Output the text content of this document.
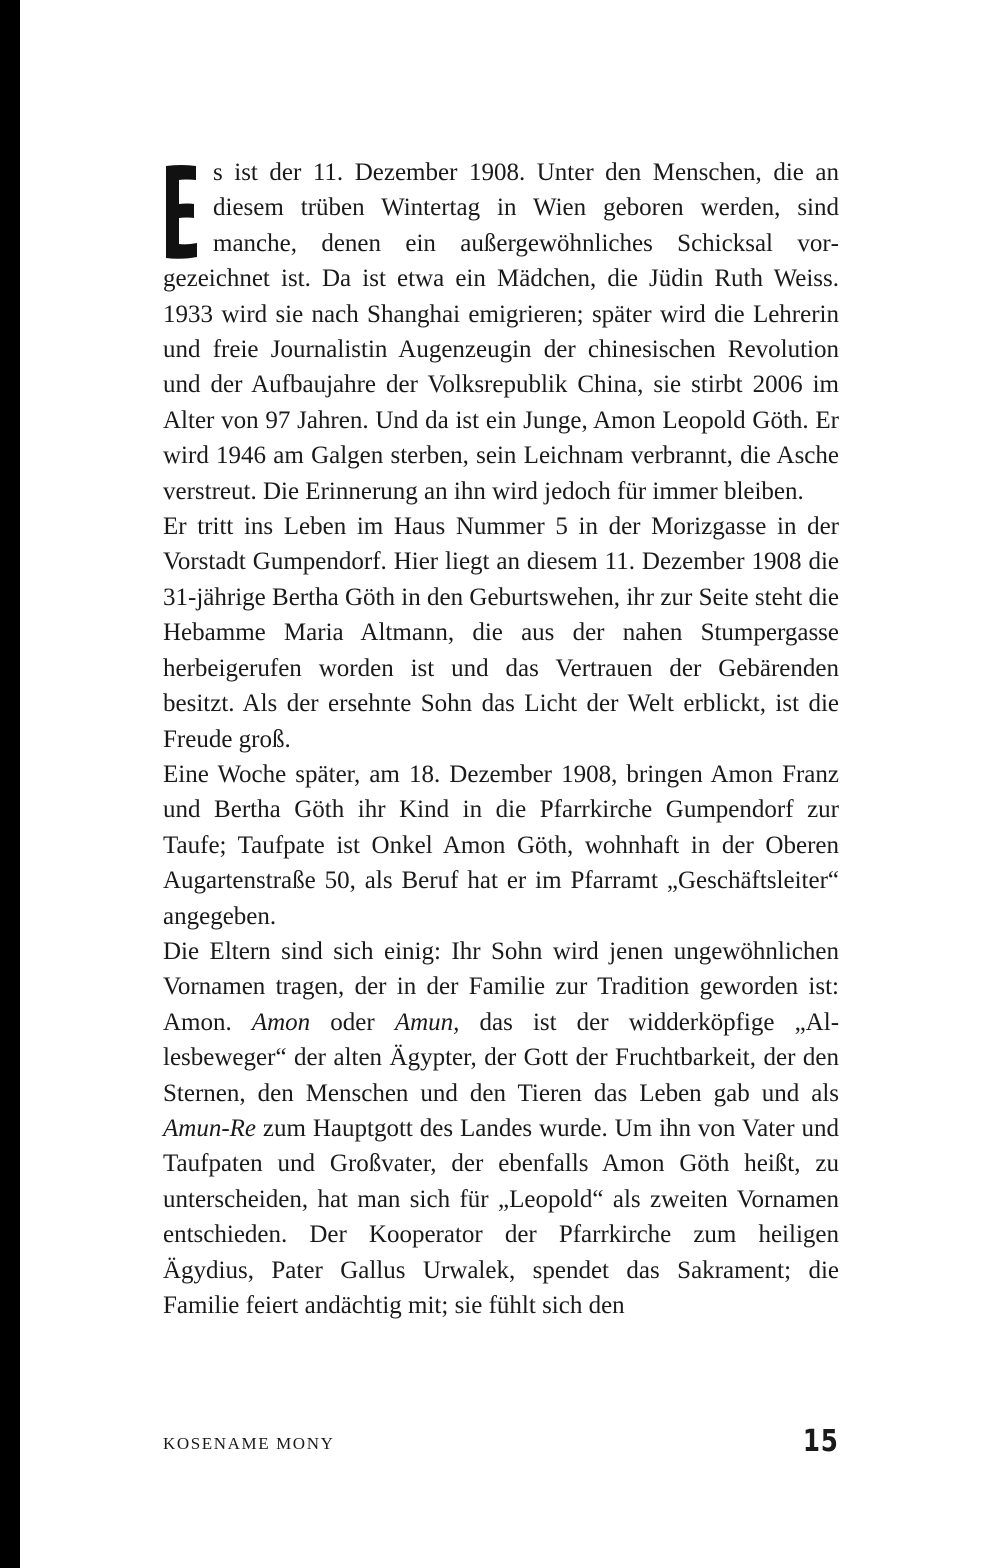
s ist der 11. Dezember 1908. Unter den Menschen, die an diesem trüben Wintertag in Wien geboren werden, sind manche, denen ein außergewöhnliches Schicksal vorgezeichnet ist. Da ist etwa ein Mädchen, die Jüdin Ruth Weiss. 1933 wird sie nach Shanghai emigrieren; später wird die Lehrerin und freie Journalistin Augenzeugin der chinesischen Revolution und der Aufbaujahre der Volksrepublik China, sie stirbt 2006 im Alter von 97 Jahren. Und da ist ein Junge, Amon Leopold Göth. Er wird 1946 am Galgen sterben, sein Leichnam verbrannt, die Asche verstreut. Die Erinnerung an ihn wird jedoch für immer bleiben.

Er tritt ins Leben im Haus Nummer 5 in der Morizgasse in der Vorstadt Gumpendorf. Hier liegt an diesem 11. Dezember 1908 die 31-jährige Bertha Göth in den Geburtswehen, ihr zur Seite steht die Hebamme Maria Altmann, die aus der nahen Stumpergasse herbeigerufen worden ist und das Vertrauen der Gebärenden besitzt. Als der ersehnte Sohn das Licht der Welt erblickt, ist die Freude groß.

Eine Woche später, am 18. Dezember 1908, bringen Amon Franz und Bertha Göth ihr Kind in die Pfarrkirche Gumpendorf zur Taufe; Taufpate ist Onkel Amon Göth, wohnhaft in der Oberen Augartenstraße 50, als Beruf hat er im Pfarramt „Geschäftsleiter“ angegeben.

Die Eltern sind sich einig: Ihr Sohn wird jenen ungewöhnlichen Vornamen tragen, der in der Familie zur Tradition geworden ist: Amon. Amon oder Amun, das ist der widderköpfige „Allesbeweger“ der alten Ägypter, der Gott der Fruchtbarkeit, der den Sternen, den Menschen und den Tieren das Leben gab und als Amun-Re zum Hauptgott des Landes wurde. Um ihn von Vater und Taufpaten und Großvater, der ebenfalls Amon Göth heißt, zu unterscheiden, hat man sich für „Leopold“ als zweiten Vornamen entschieden. Der Kooperator der Pfarrkirche zum heiligen Ägydius, Pater Gallus Urwalek, spendet das Sakrament; die Familie feiert andächtig mit; sie fühlt sich den

KOSENAME MONY	15
